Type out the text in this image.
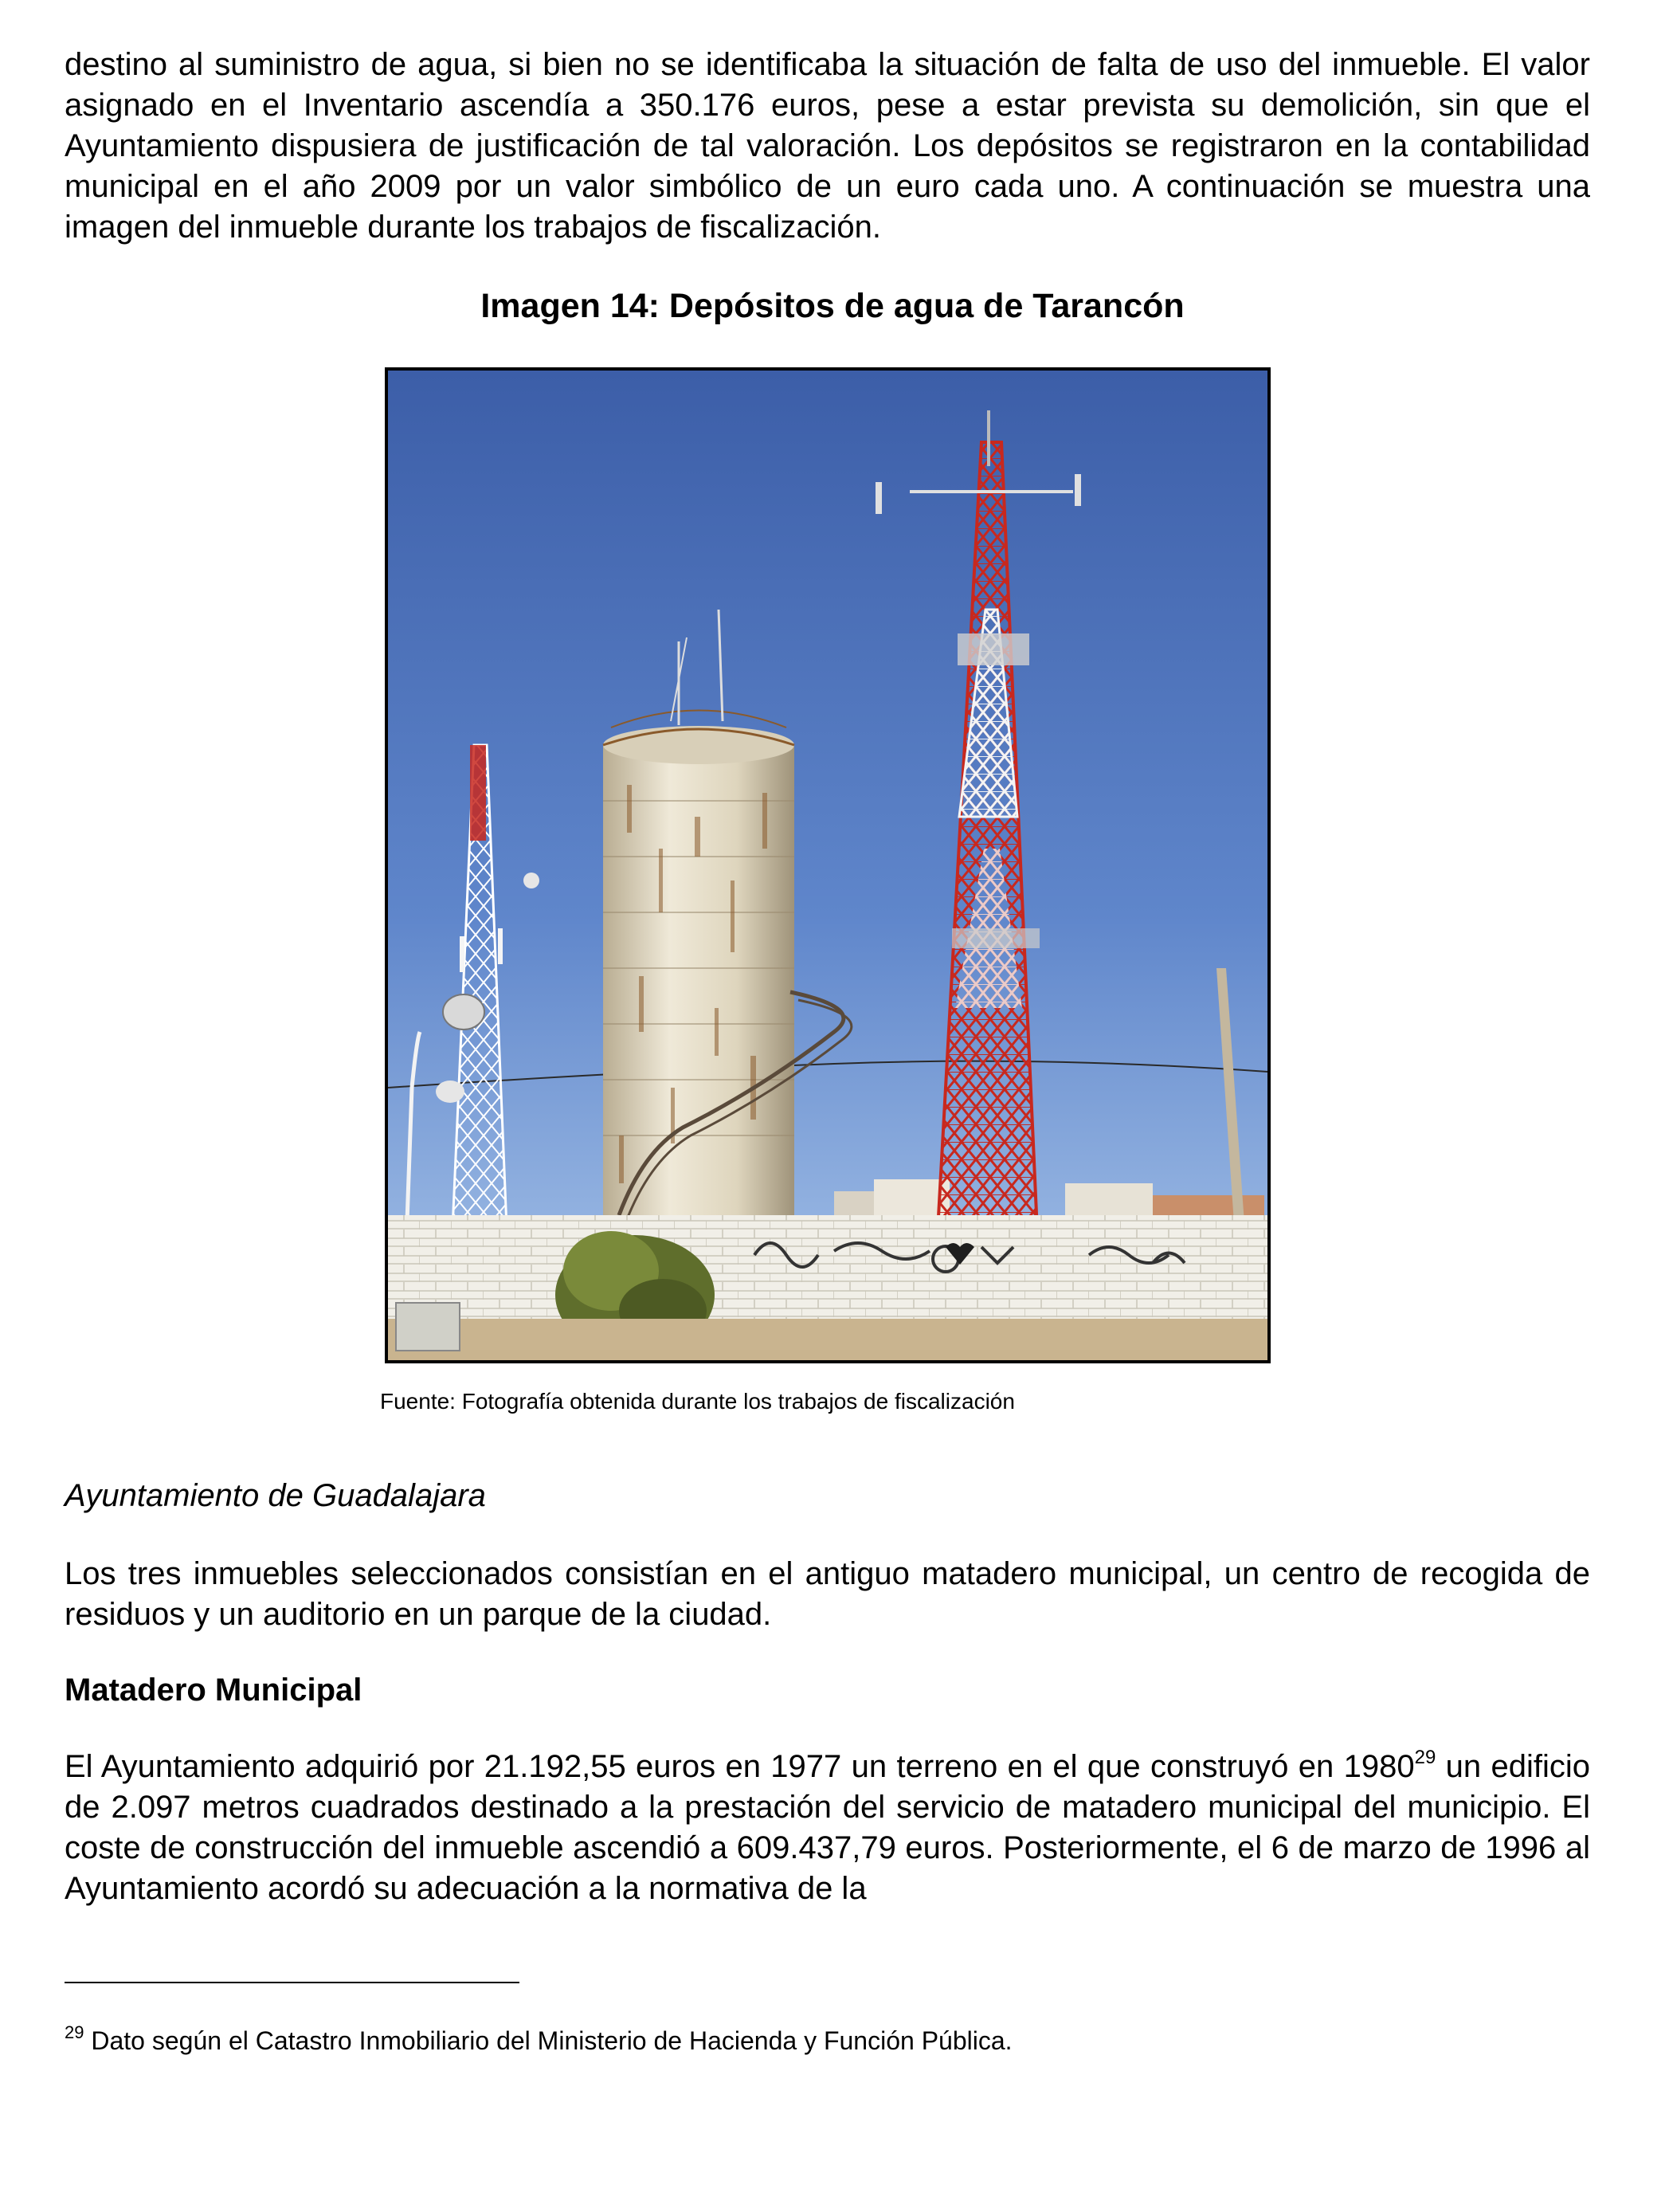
destino al suministro de agua, si bien no se identificaba la situación de falta de uso del inmueble. El valor asignado en el Inventario ascendía a 350.176 euros, pese a estar prevista su demolición, sin que el Ayuntamiento dispusiera de justificación de tal valoración. Los depósitos se registraron en la contabilidad municipal en el año 2009 por un valor simbólico de un euro cada uno. A continuación se muestra una imagen del inmueble durante los trabajos de fiscalización.

Imagen 14: Depósitos de agua de Tarancón

Fuente: Fotografía obtenida durante los trabajos de fiscalización

Ayuntamiento de Guadalajara

Los tres inmuebles seleccionados consistían en el antiguo matadero municipal, un centro de recogida de residuos y un auditorio en un parque de la ciudad.

Matadero Municipal

El Ayuntamiento adquirió por 21.192,55 euros en 1977 un terreno en el que construyó en 1980$^{29}$ un edificio de 2.097 metros cuadrados destinado a la prestación del servicio de matadero municipal del municipio. El coste de construcción del inmueble ascendió a 609.437,79 euros. Posteriormente, el 6 de marzo de 1996 al Ayuntamiento acordó su adecuación a la normativa de la

$^{29}$ Dato según el Catastro Inmobiliario del Ministerio de Hacienda y Función Pública.
